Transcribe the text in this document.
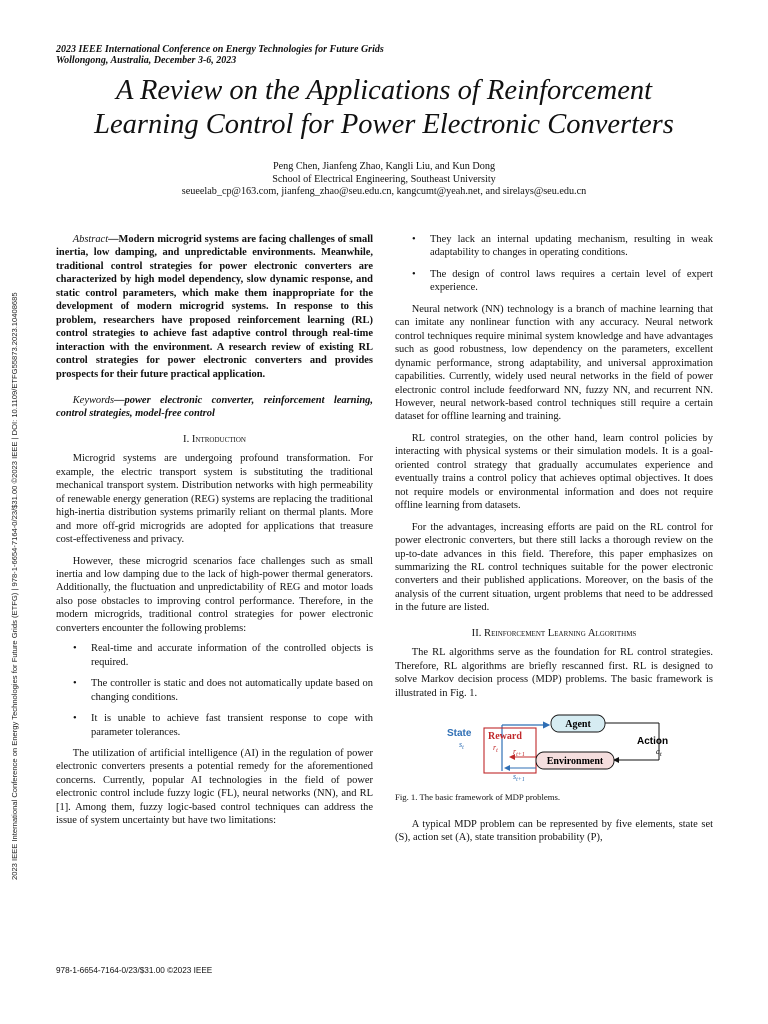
2023 IEEE International Conference on Energy Technologies for Future Grids (ETFG) | 978-1-6654-7164-0/23/$31.00 ©2023 IEEE | DOI: 10.1109/ETFG55873.2023.10408685
2023 IEEE International Conference on Energy Technologies for Future Grids
Wollongong, Australia, December 3-6, 2023
A Review on the Applications of Reinforcement
Learning Control for Power Electronic Converters
Peng Chen, Jianfeng Zhao, Kangli Liu, and Kun Dong
School of Electrical Engineering, Southeast University
seueelab_cp@163.com, jianfeng_zhao@seu.edu.cn, kangcumt@yeah.net, and sirelays@seu.edu.cn

Abstract—Modern microgrid systems are facing challenges of small inertia, low damping, and unpredictable environments. Meanwhile, traditional control strategies for power electronic converters are characterized by high model dependency, slow dynamic response, and static control parameters, which make them inappropriate for the development of modern microgrid systems. In response to this problem, researchers have proposed reinforcement learning (RL) control strategies to achieve fast adaptive control through real-time interaction with the environment. A research review of existing RL control strategies for power electronic converters and provides prospects for their future practical application.

Keywords—power electronic converter, reinforcement learning, control strategies, model-free control

I. Introduction

Microgrid systems are undergoing profound transformation. For example, the electric transport system is substituting the traditional mechanical transport system. Distribution networks with high permeability of renewable energy generation (REG) systems are replacing the traditional high-inertia distribution systems primarily reliant on thermal plants. More and more off-grid microgrids are adopted for applications that treasure cost-effectiveness and privacy.

However, these microgrid scenarios face challenges such as small inertia and low damping due to the lack of high-power thermal generators. Additionally, the fluctuation and unpredictability of REG and motor loads also pose obstacles to improving control performance. Therefore, in the modern microgrids, traditional control strategies for power electronic converters encounter the following problems:

• Real-time and accurate information of the controlled objects is required.
• The controller is static and does not automatically update based on changing conditions.
• It is unable to achieve fast transient response to cope with parameter tolerances.

The utilization of artificial intelligence (AI) in the regulation of power electronic converters presents a potential remedy for the aforementioned concerns. Currently, popular AI technologies in the field of power electronic control include fuzzy logic (FL), neural networks (NN), and RL [1]. Among them, fuzzy logic-based control techniques can address the issue of system uncertainty but have two limitations:

• They lack an internal updating mechanism, resulting in weak adaptability to changes in operating conditions.
• The design of control laws requires a certain level of expert experience.

Neural network (NN) technology is a branch of machine learning that can imitate any nonlinear function with any accuracy. Neural network control techniques require minimal system knowledge and have advantages such as good robustness, low dependency on the parameters, excellent dynamic performance, strong adaptability, and universal approximation capabilities. Currently, widely used neural networks in the field of power electronic control include feedforward NN, fuzzy NN, and recurrent NN. However, neural network-based control techniques still require a certain dataset for offline learning and training.

RL control strategies, on the other hand, learn control policies by interacting with physical systems or their simulation models. It is a goal-oriented control strategy that gradually accumulates experience and eventually trains a control policy that achieves optimal objectives. It does not require models or environmental information and does not require offline learning from datasets.

For the advantages, increasing efforts are paid on the RL control for power electronic converters, but there still lacks a thorough review on the up-to-date advances in this field. Therefore, this paper emphasizes on summarizing the RL control techniques suitable for the power electronic converters and their published applications. Moreover, on the basis of the analysis of the current situation, urgent problems that need to be addressed in the future are listed.

II. Reinforcement Learning Algorithms

The RL algorithms serve as the foundation for RL control strategies. Therefore, RL algorithms are briefly rescanned first. RL is designed to solve Markov decision process (MDP) problems. The basic framework is illustrated in Fig. 1.

State
$s_t$
Reward
$r_t$
Agent
Action
$a_t$
Environment
$r_{t+1}$
$s_{t+1}$

Fig. 1. The basic framework of MDP problems.

A typical MDP problem can be represented by five elements, state set (S), action set (A), state transition probability (P),

978-1-6654-7164-0/23/$31.00 ©2023 IEEE
